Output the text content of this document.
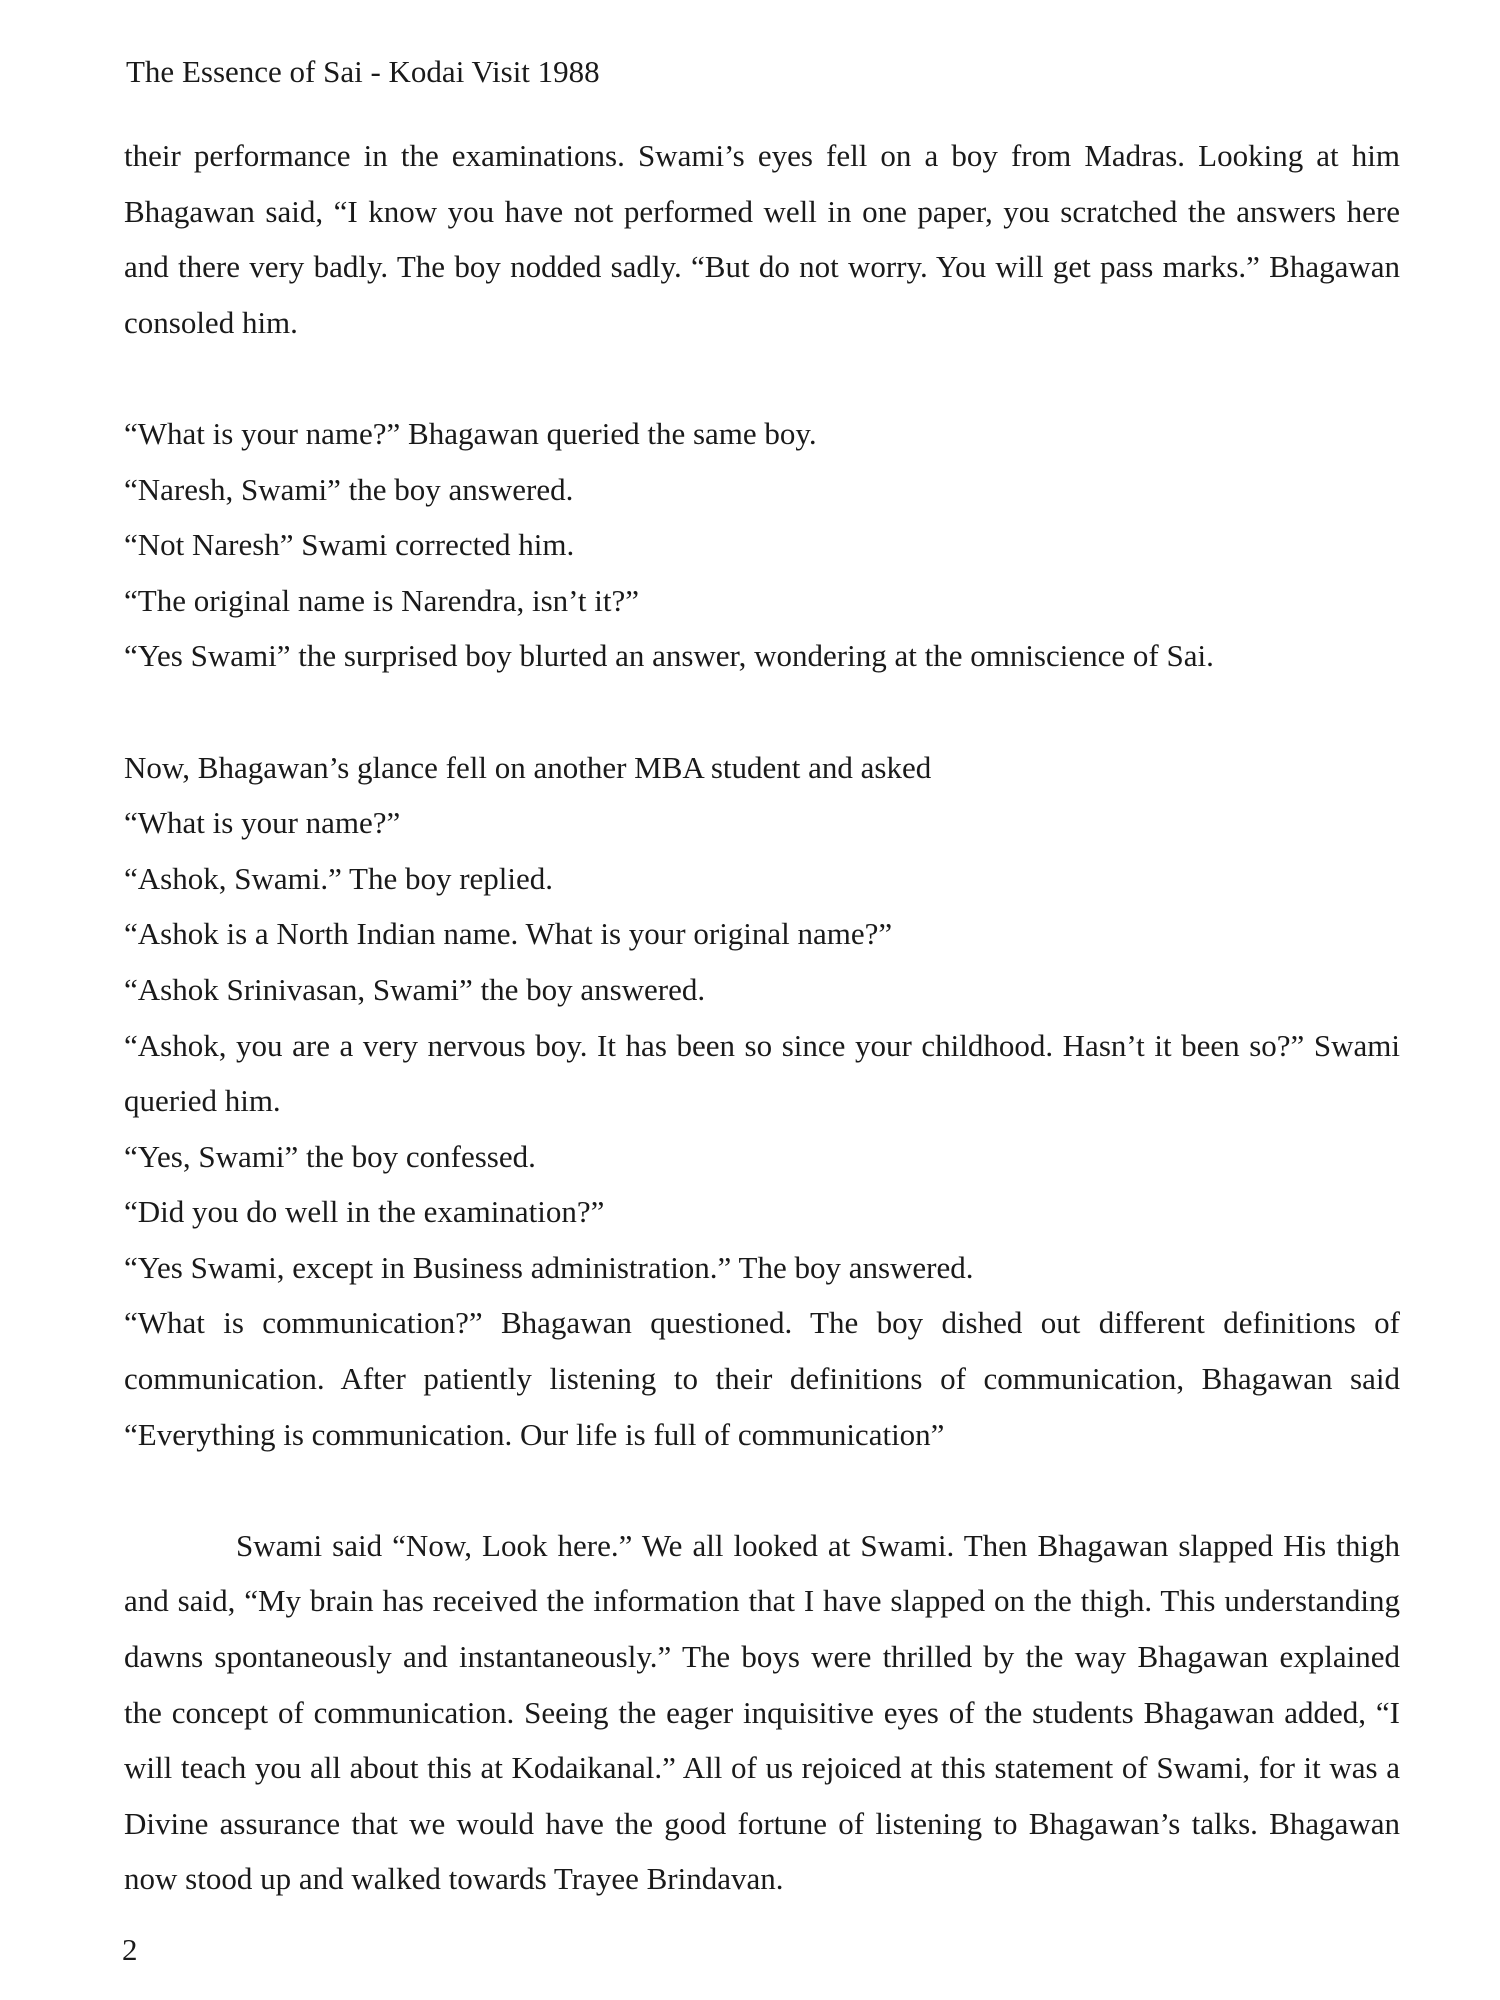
The Essence of Sai - Kodai Visit 1988

their performance in the examinations. Swami’s eyes fell on a boy from Madras. Looking at him Bhagawan said, “I know you have not performed well in one paper, you scratched the answers here and there very badly. The boy nodded sadly. “But do not worry. You will get pass marks.” Bhagawan consoled him.

“What is your name?” Bhagawan queried the same boy.

“Naresh, Swami” the boy answered.

“Not Naresh” Swami corrected him.

“The original name is Narendra, isn’t it?”

“Yes Swami” the surprised boy blurted an answer, wondering at the omniscience of Sai.

Now, Bhagawan’s glance fell on another MBA student and asked

“What is your name?”

“Ashok, Swami.” The boy replied.

“Ashok is a North Indian name. What is your original name?”

“Ashok Srinivasan, Swami” the boy answered.

“Ashok, you are a very nervous boy. It has been so since your childhood. Hasn’t it been so?” Swami queried him.

“Yes, Swami” the boy confessed.

“Did you do well in the examination?”

“Yes Swami, except in Business administration.” The boy answered.

“What is communication?” Bhagawan questioned. The boy dished out different definitions of communication. After patiently listening to their definitions of communication, Bhagawan said “Everything is communication. Our life is full of communication”

Swami said “Now, Look here.” We all looked at Swami. Then Bhagawan slapped His thigh and said, “My brain has received the information that I have slapped on the thigh. This understanding dawns spontaneously and instantaneously.” The boys were thrilled by the way Bhagawan explained the concept of communication. Seeing the eager inquisitive eyes of the students Bhagawan added, “I will teach you all about this at Kodaikanal.” All of us rejoiced at this statement of Swami, for it was a Divine assurance that we would have the good fortune of listening to Bhagawan’s talks. Bhagawan now stood up and walked towards Trayee Brindavan.

2
